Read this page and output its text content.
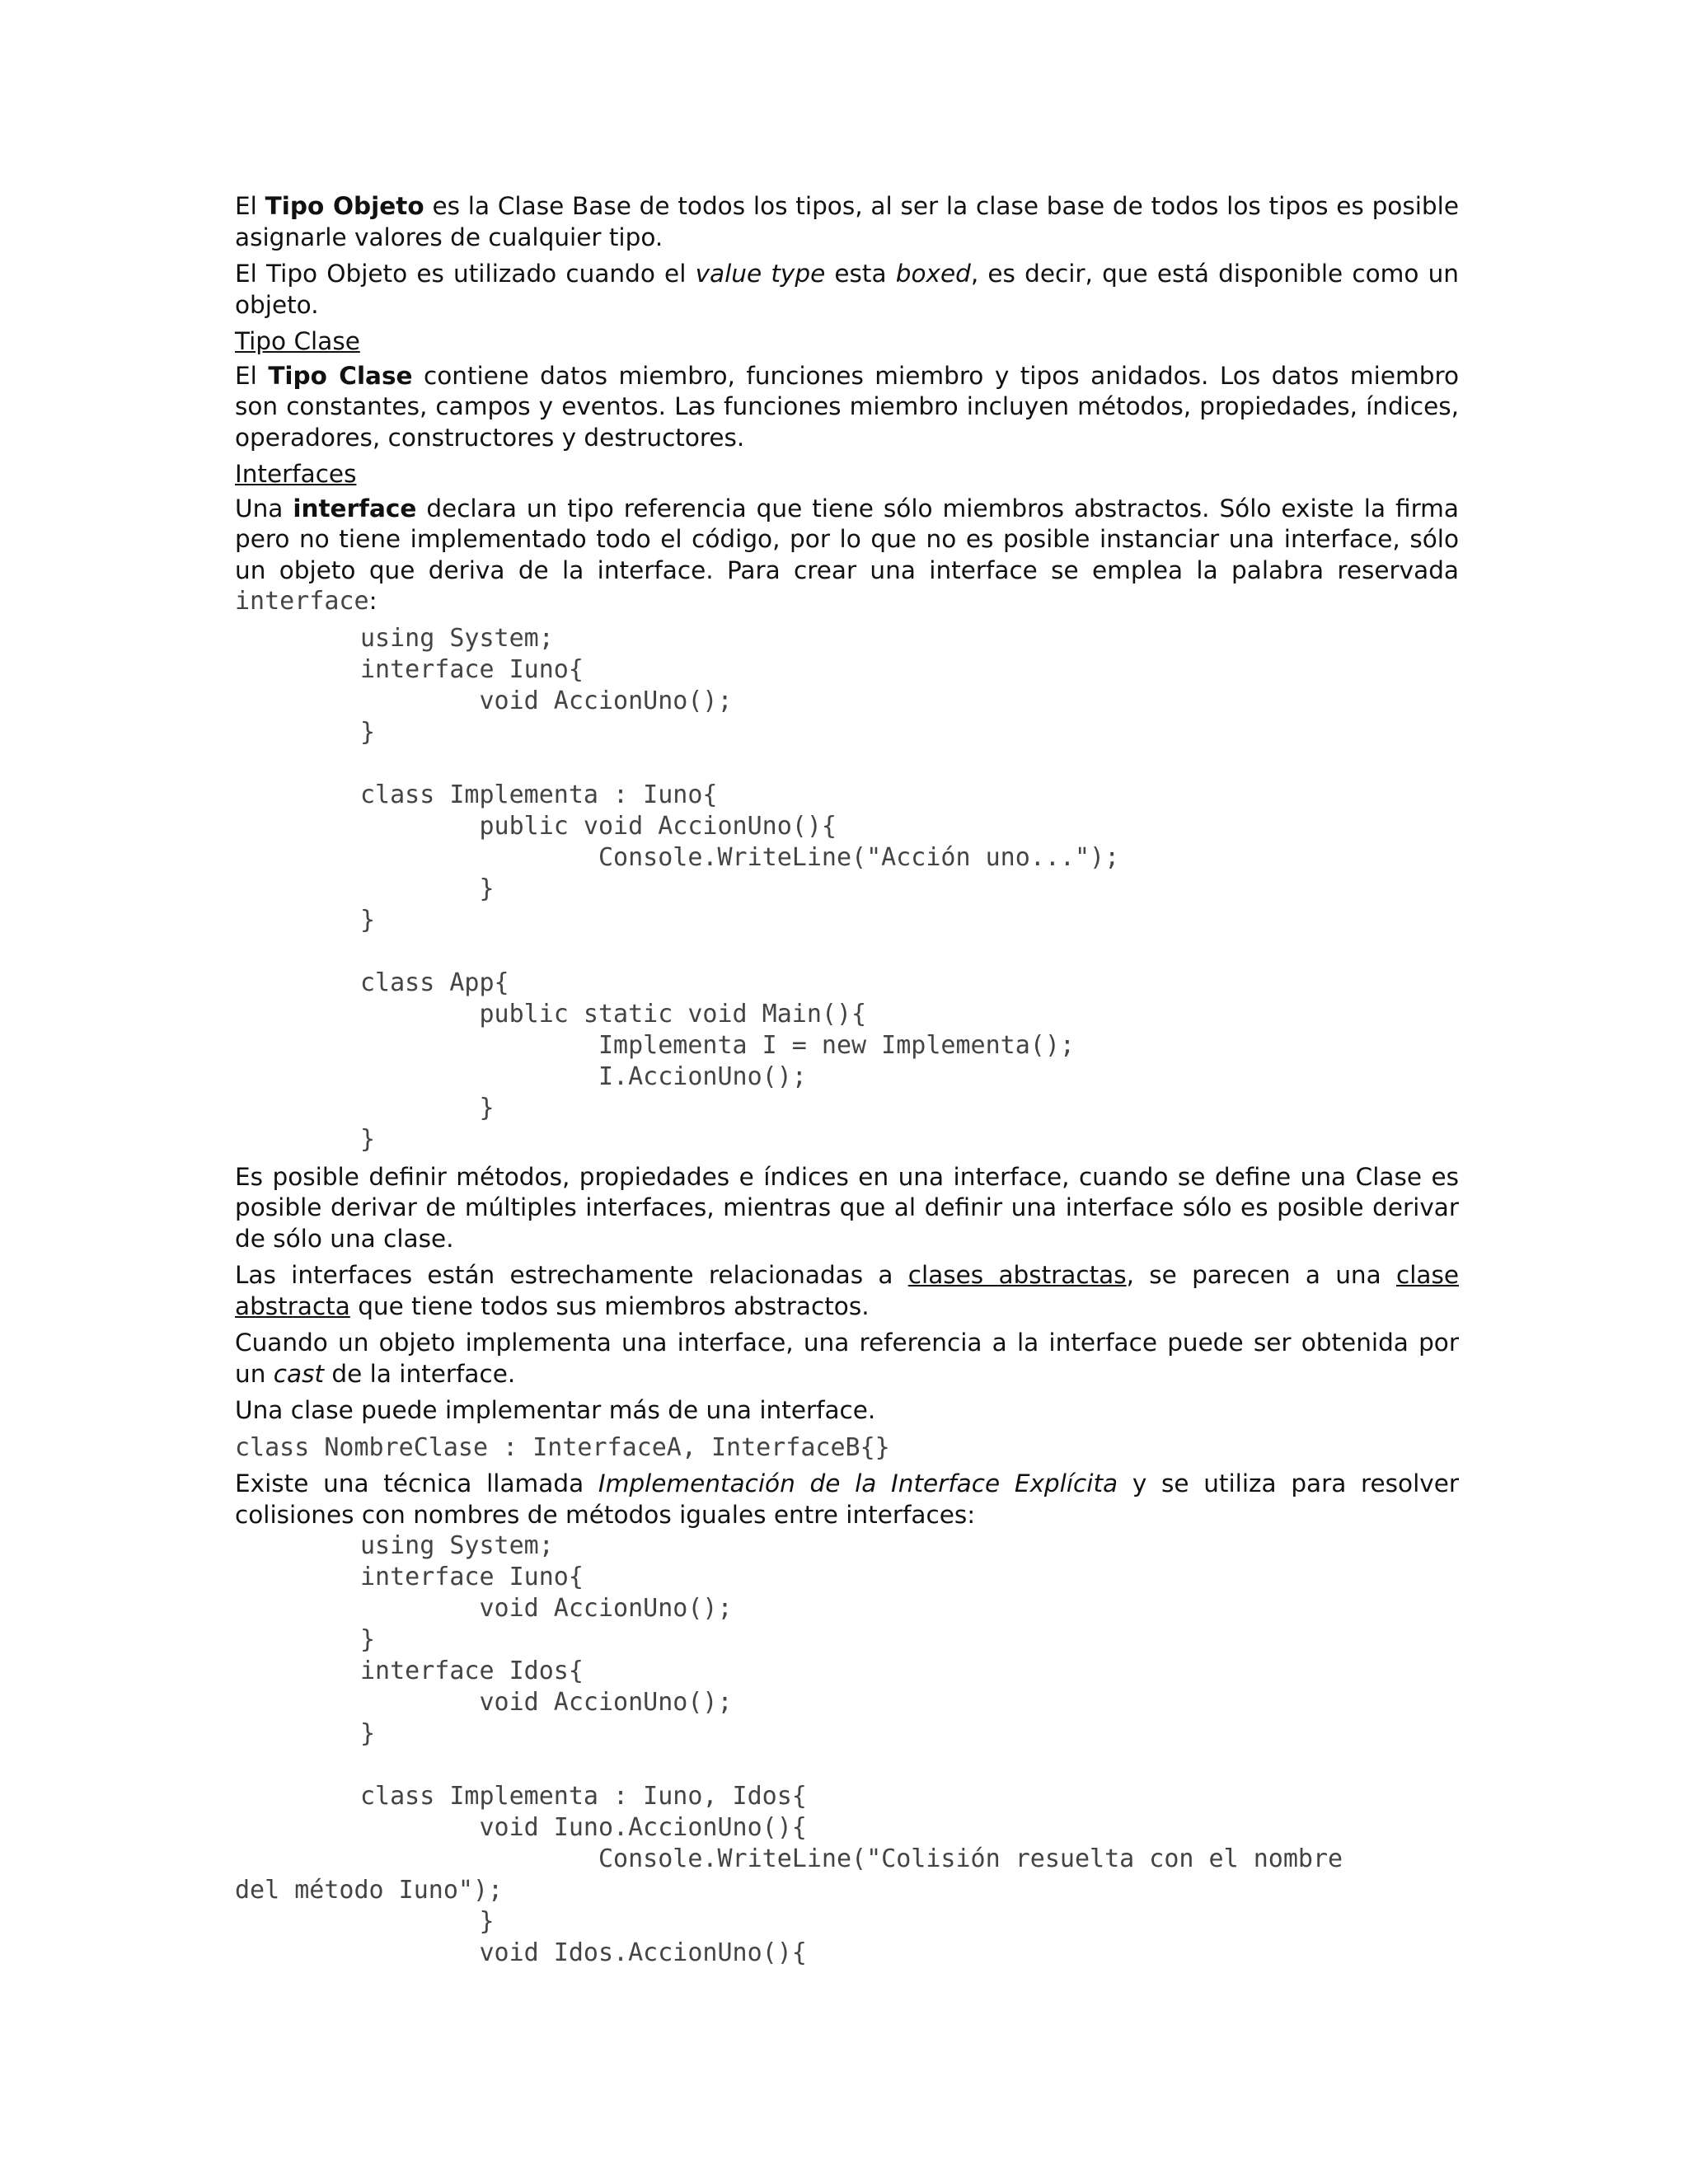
El Tipo Objeto es la Clase Base de todos los tipos, al ser la clase base de todos los tipos es posible asignarle valores de cualquier tipo.

El Tipo Objeto es utilizado cuando el value type esta boxed, es decir, que está disponible como un objeto.

Tipo Clase

El Tipo Clase contiene datos miembro, funciones miembro y tipos anidados. Los datos miembro son constantes, campos y eventos. Las funciones miembro incluyen métodos, propiedades, índices, operadores, constructores y destructores.

Interfaces

Una interface declara un tipo referencia que tiene sólo miembros abstractos. Sólo existe la firma pero no tiene implementado todo el código, por lo que no es posible instanciar una interface, sólo un objeto que deriva de la interface. Para crear una interface se emplea la palabra reservada interface:

using System;
interface Iuno{
void AccionUno();
}
class Implementa : Iuno{
public void AccionUno(){
Console.WriteLine("Acción uno...");
}
}
class App{
public static void Main(){
Implementa I = new Implementa();
I.AccionUno();
}
}

Es posible definir métodos, propiedades e índices en una interface, cuando se define una Clase es posible derivar de múltiples interfaces, mientras que al definir una interface sólo es posible derivar de sólo una clase.

Las interfaces están estrechamente relacionadas a clases abstractas, se parecen a una clase abstracta que tiene todos sus miembros abstractos.

Cuando un objeto implementa una interface, una referencia a la interface puede ser obtenida por un cast de la interface.

Una clase puede implementar más de una interface.

class NombreClase : InterfaceA, InterfaceB{}

Existe una técnica llamada Implementación de la Interface Explícita y se utiliza para resolver colisiones con nombres de métodos iguales entre interfaces:

using System;
interface Iuno{
void AccionUno();
}
interface Idos{
void AccionUno();
}
class Implementa : Iuno, Idos{
void Iuno.AccionUno(){
Console.WriteLine("Colisión resuelta con el nombre
del método Iuno");
}
void Idos.AccionUno(){
